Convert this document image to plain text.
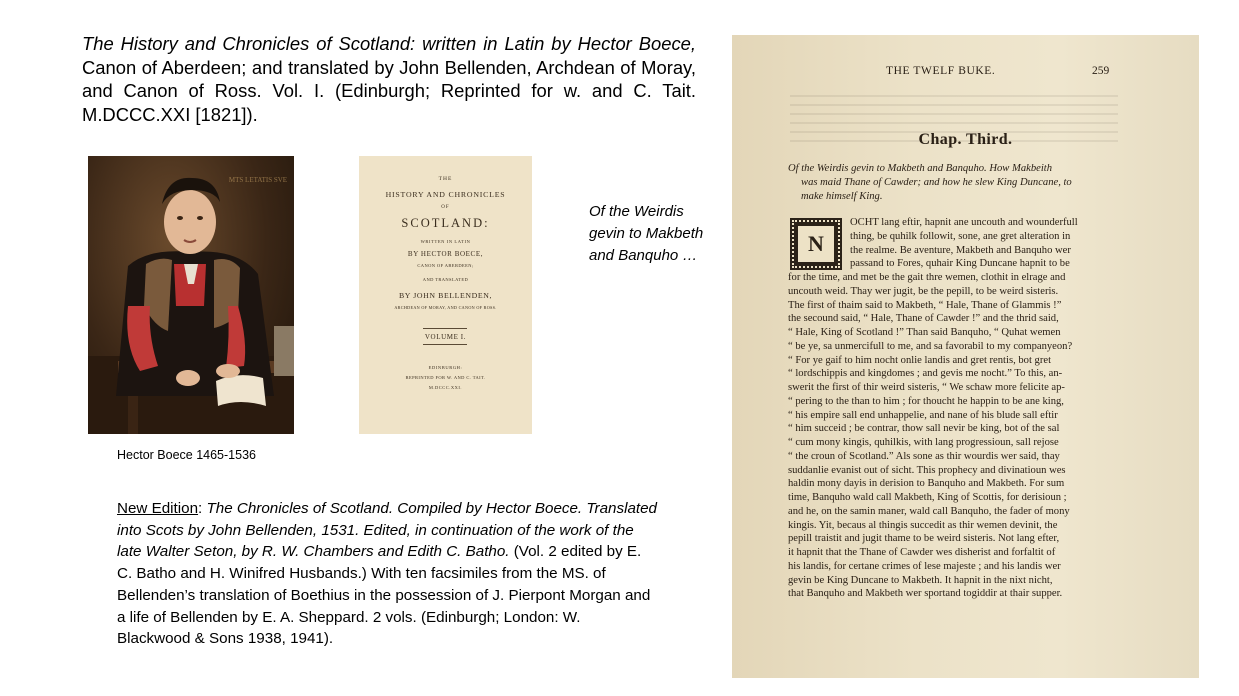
The History and Chronicles of Scotland: written in Latin by Hector Boece, Canon of Aberdeen; and translated by John Bellenden, Archdean of Moray, and Canon of Ross. Vol. I. (Edinburgh; Reprinted for w. and C. Tait. M.DCCC.XXI [1821]).
MTS LETATIS SVE
Hector Boece 1465-1536
THE
HISTORY AND CHRONICLES
OF
SCOTLAND:
WRITTEN IN LATIN
BY HECTOR BOECE,
CANON OF ABERDEEN;
AND TRANSLATED
BY JOHN BELLENDEN,
ARCHDEAN OF MORAY, AND CANON OF ROSS.
VOLUME I.
EDINBURGH:
REPRINTED FOR W. AND C. TAIT.
M.DCCC.XXI.
Of the Weirdis gevin to Makbeth and Banquho …
New Edition: The Chronicles of Scotland. Compiled by Hector Boece. Translated into Scots by John Bellenden, 1531. Edited, in continuation of the work of the late Walter Seton, by R. W. Chambers and Edith C. Batho. (Vol. 2 edited by E. C. Batho and H. Winifred Husbands.) With ten facsimiles from the MS. of Bellenden’s translation of Boethius in the possession of J. Pierpont Morgan and a life of Bellenden by E. A. Sheppard. 2 vols. (Edinburgh; London: W. Blackwood & Sons 1938, 1941).
THE TWELF BUKE.	259
Chap. Third.
Of the Weirdis gevin to Makbeth and Banquho. How Makbeith
was maid Thane of Cawder; and how he slew King Duncane, to
make himself King.
N
OCHT lang eftir, hapnit ane uncouth and wounderfull
thing, be quhilk followit, sone, ane gret alteration in
the realme. Be aventure, Makbeth and Banquho wer
passand to Fores, quhair King Duncane hapnit to be
for the time, and met be the gait thre wemen, clothit in elrage and
uncouth weid. Thay wer jugit, be the pepill, to be weird sisteris.
The first of thaim said to Makbeth, “ Hale, Thane of Glammis !”
the secound said, “ Hale, Thane of Cawder !” and the thrid said,
“ Hale, King of Scotland !” Than said Banquho, “ Quhat wemen
“ be ye, sa unmercifull to me, and sa favorabil to my companyeon?
“ For ye gaif to him nocht onlie landis and gret rentis, bot gret
“ lordschippis and kingdomes ; and gevis me nocht.” To this, an-
swerit the first of thir weird sisteris, “ We schaw more felicite ap-
“ pering to the than to him ; for thoucht he happin to be ane king,
“ his empire sall end unhappelie, and nane of his blude sall eftir
“ him succeid ; be contrar, thow sall nevir be king, bot of the sal
“ cum mony kingis, quhilkis, with lang progressioun, sall rejose
“ the croun of Scotland.” Als sone as thir wourdis wer said, thay
suddanlie evanist out of sicht. This prophecy and divinatioun wes
haldin mony dayis in derision to Banquho and Makbeth. For sum
time, Banquho wald call Makbeth, King of Scottis, for derisioun ;
and he, on the samin maner, wald call Banquho, the fader of mony
kingis. Yit, becaus al thingis succedit as thir wemen devinit, the
pepill traistit and jugit thame to be weird sisteris. Not lang efter,
it hapnit that the Thane of Cawder wes disherist and forfaltit of
his landis, for certane crimes of lese majeste ; and his landis wer
gevin be King Duncane to Makbeth. It hapnit in the nixt nicht,
that Banquho and Makbeth wer sportand togiddir at thair supper.
